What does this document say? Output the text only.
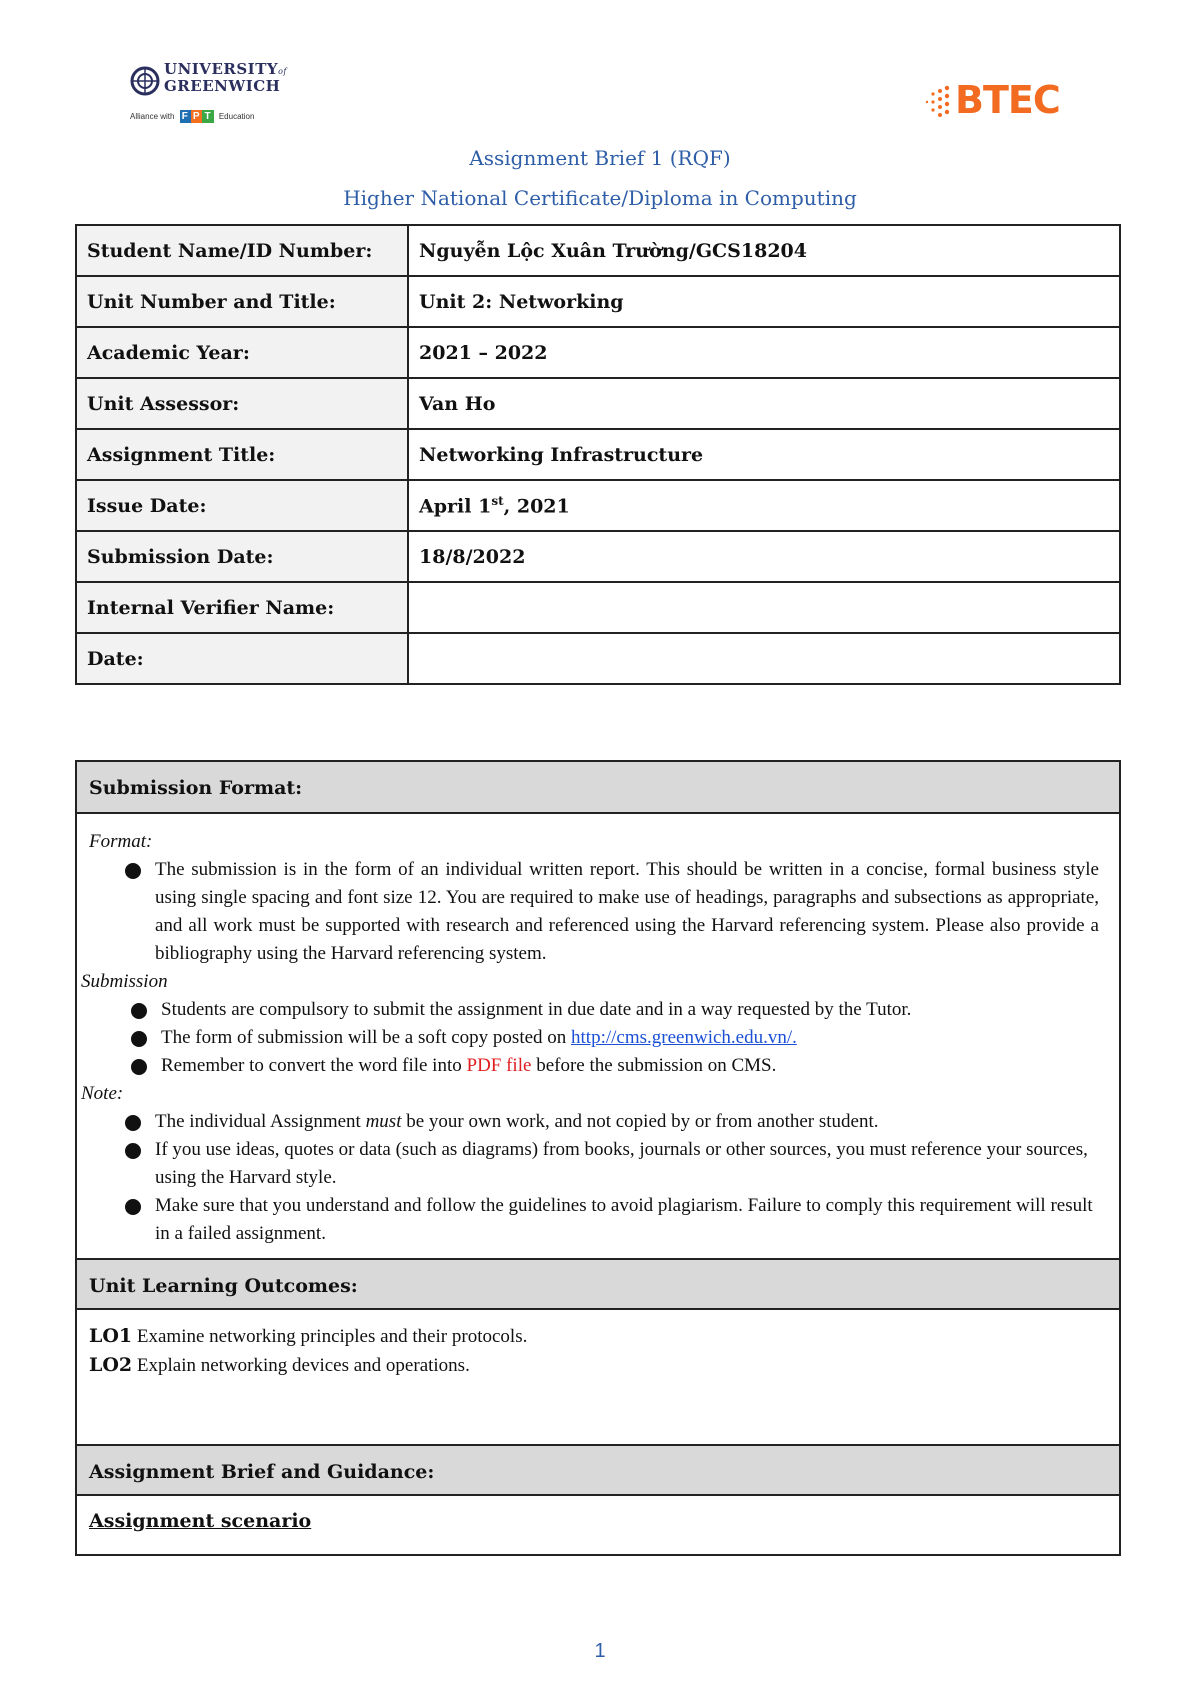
UNIVERSITYof
GREENWICH
Alliance with F P T Education	BTEC
Assignment Brief 1 (RQF)
Higher National Certificate/Diploma in Computing
Student Name/ID Number:	Nguyễn Lộc Xuân Trường/GCS18204
Unit Number and Title:	Unit 2: Networking
Academic Year:	2021 – 2022
Unit Assessor:	Van Ho
Assignment Title:	Networking Infrastructure
Issue Date:	April 1st, 2021
Submission Date:	18/8/2022
Internal Verifier Name:	
Date:	
Submission Format:
Format:
The submission is in the form of an individual written report. This should be written in a concise, formal business style using single spacing and font size 12. You are required to make use of headings, paragraphs and subsections as appropriate, and all work must be supported with research and referenced using the Harvard referencing system. Please also provide a bibliography using the Harvard referencing system.
Submission
Students are compulsory to submit the assignment in due date and in a way requested by the Tutor.
The form of submission will be a soft copy posted on http://cms.greenwich.edu.vn/.
Remember to convert the word file into PDF file before the submission on CMS.
Note:
The individual Assignment must be your own work, and not copied by or from another student.
If you use ideas, quotes or data (such as diagrams) from books, journals or other sources, you must reference your sources, using the Harvard style.
Make sure that you understand and follow the guidelines to avoid plagiarism. Failure to comply this requirement will result in a failed assignment.
Unit Learning Outcomes:
LO1 Examine networking principles and their protocols.
LO2 Explain networking devices and operations.
Assignment Brief and Guidance:
Assignment scenario
1
